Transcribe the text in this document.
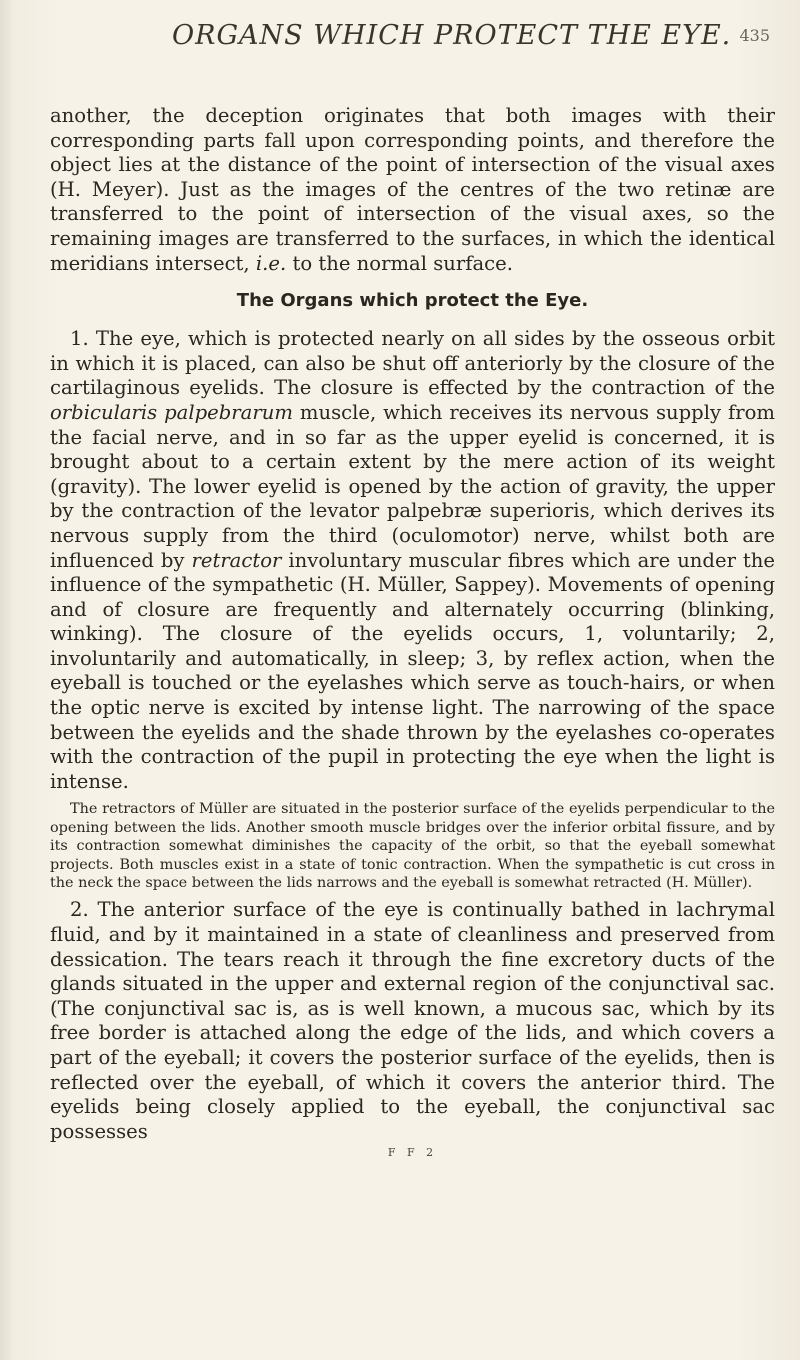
ORGANS WHICH PROTECT THE EYE. 435

another, the deception originates that both images with their corresponding parts fall upon corresponding points, and therefore the object lies at the distance of the point of intersection of the visual axes (H. Meyer). Just as the images of the centres of the two retinæ are transferred to the point of intersection of the visual axes, so the remaining images are transferred to the surfaces, in which the identical meridians intersect, i.e. to the normal surface.

The Organs which protect the Eye.

1. The eye, which is protected nearly on all sides by the osseous orbit in which it is placed, can also be shut off anteriorly by the closure of the cartilaginous eyelids. The closure is effected by the contraction of the orbicularis palpebrarum muscle, which receives its nervous supply from the facial nerve, and in so far as the upper eyelid is concerned, it is brought about to a certain extent by the mere action of its weight (gravity). The lower eyelid is opened by the action of gravity, the upper by the contraction of the levator palpebræ superioris, which derives its nervous supply from the third (oculomotor) nerve, whilst both are influenced by retractor involuntary muscular fibres which are under the influence of the sympathetic (H. Müller, Sappey). Movements of opening and of closure are frequently and alternately occurring (blinking, winking). The closure of the eyelids occurs, 1, voluntarily; 2, involuntarily and automatically, in sleep; 3, by reflex action, when the eyeball is touched or the eyelashes which serve as touch-hairs, or when the optic nerve is excited by intense light. The narrowing of the space between the eyelids and the shade thrown by the eyelashes co-operates with the contraction of the pupil in protecting the eye when the light is intense.

The retractors of Müller are situated in the posterior surface of the eyelids perpendicular to the opening between the lids. Another smooth muscle bridges over the inferior orbital fissure, and by its contraction somewhat diminishes the capacity of the orbit, so that the eyeball somewhat projects. Both muscles exist in a state of tonic contraction. When the sympathetic is cut cross in the neck the space between the lids narrows and the eyeball is somewhat retracted (H. Müller).

2. The anterior surface of the eye is continually bathed in lachrymal fluid, and by it maintained in a state of cleanliness and preserved from dessication. The tears reach it through the fine excretory ducts of the glands situated in the upper and external region of the conjunctival sac. (The conjunctival sac is, as is well known, a mucous sac, which by its free border is attached along the edge of the lids, and which covers a part of the eyeball; it covers the posterior surface of the eyelids, then is reflected over the eyeball, of which it covers the anterior third. The eyelids being closely applied to the eyeball, the conjunctival sac possesses

F F 2
